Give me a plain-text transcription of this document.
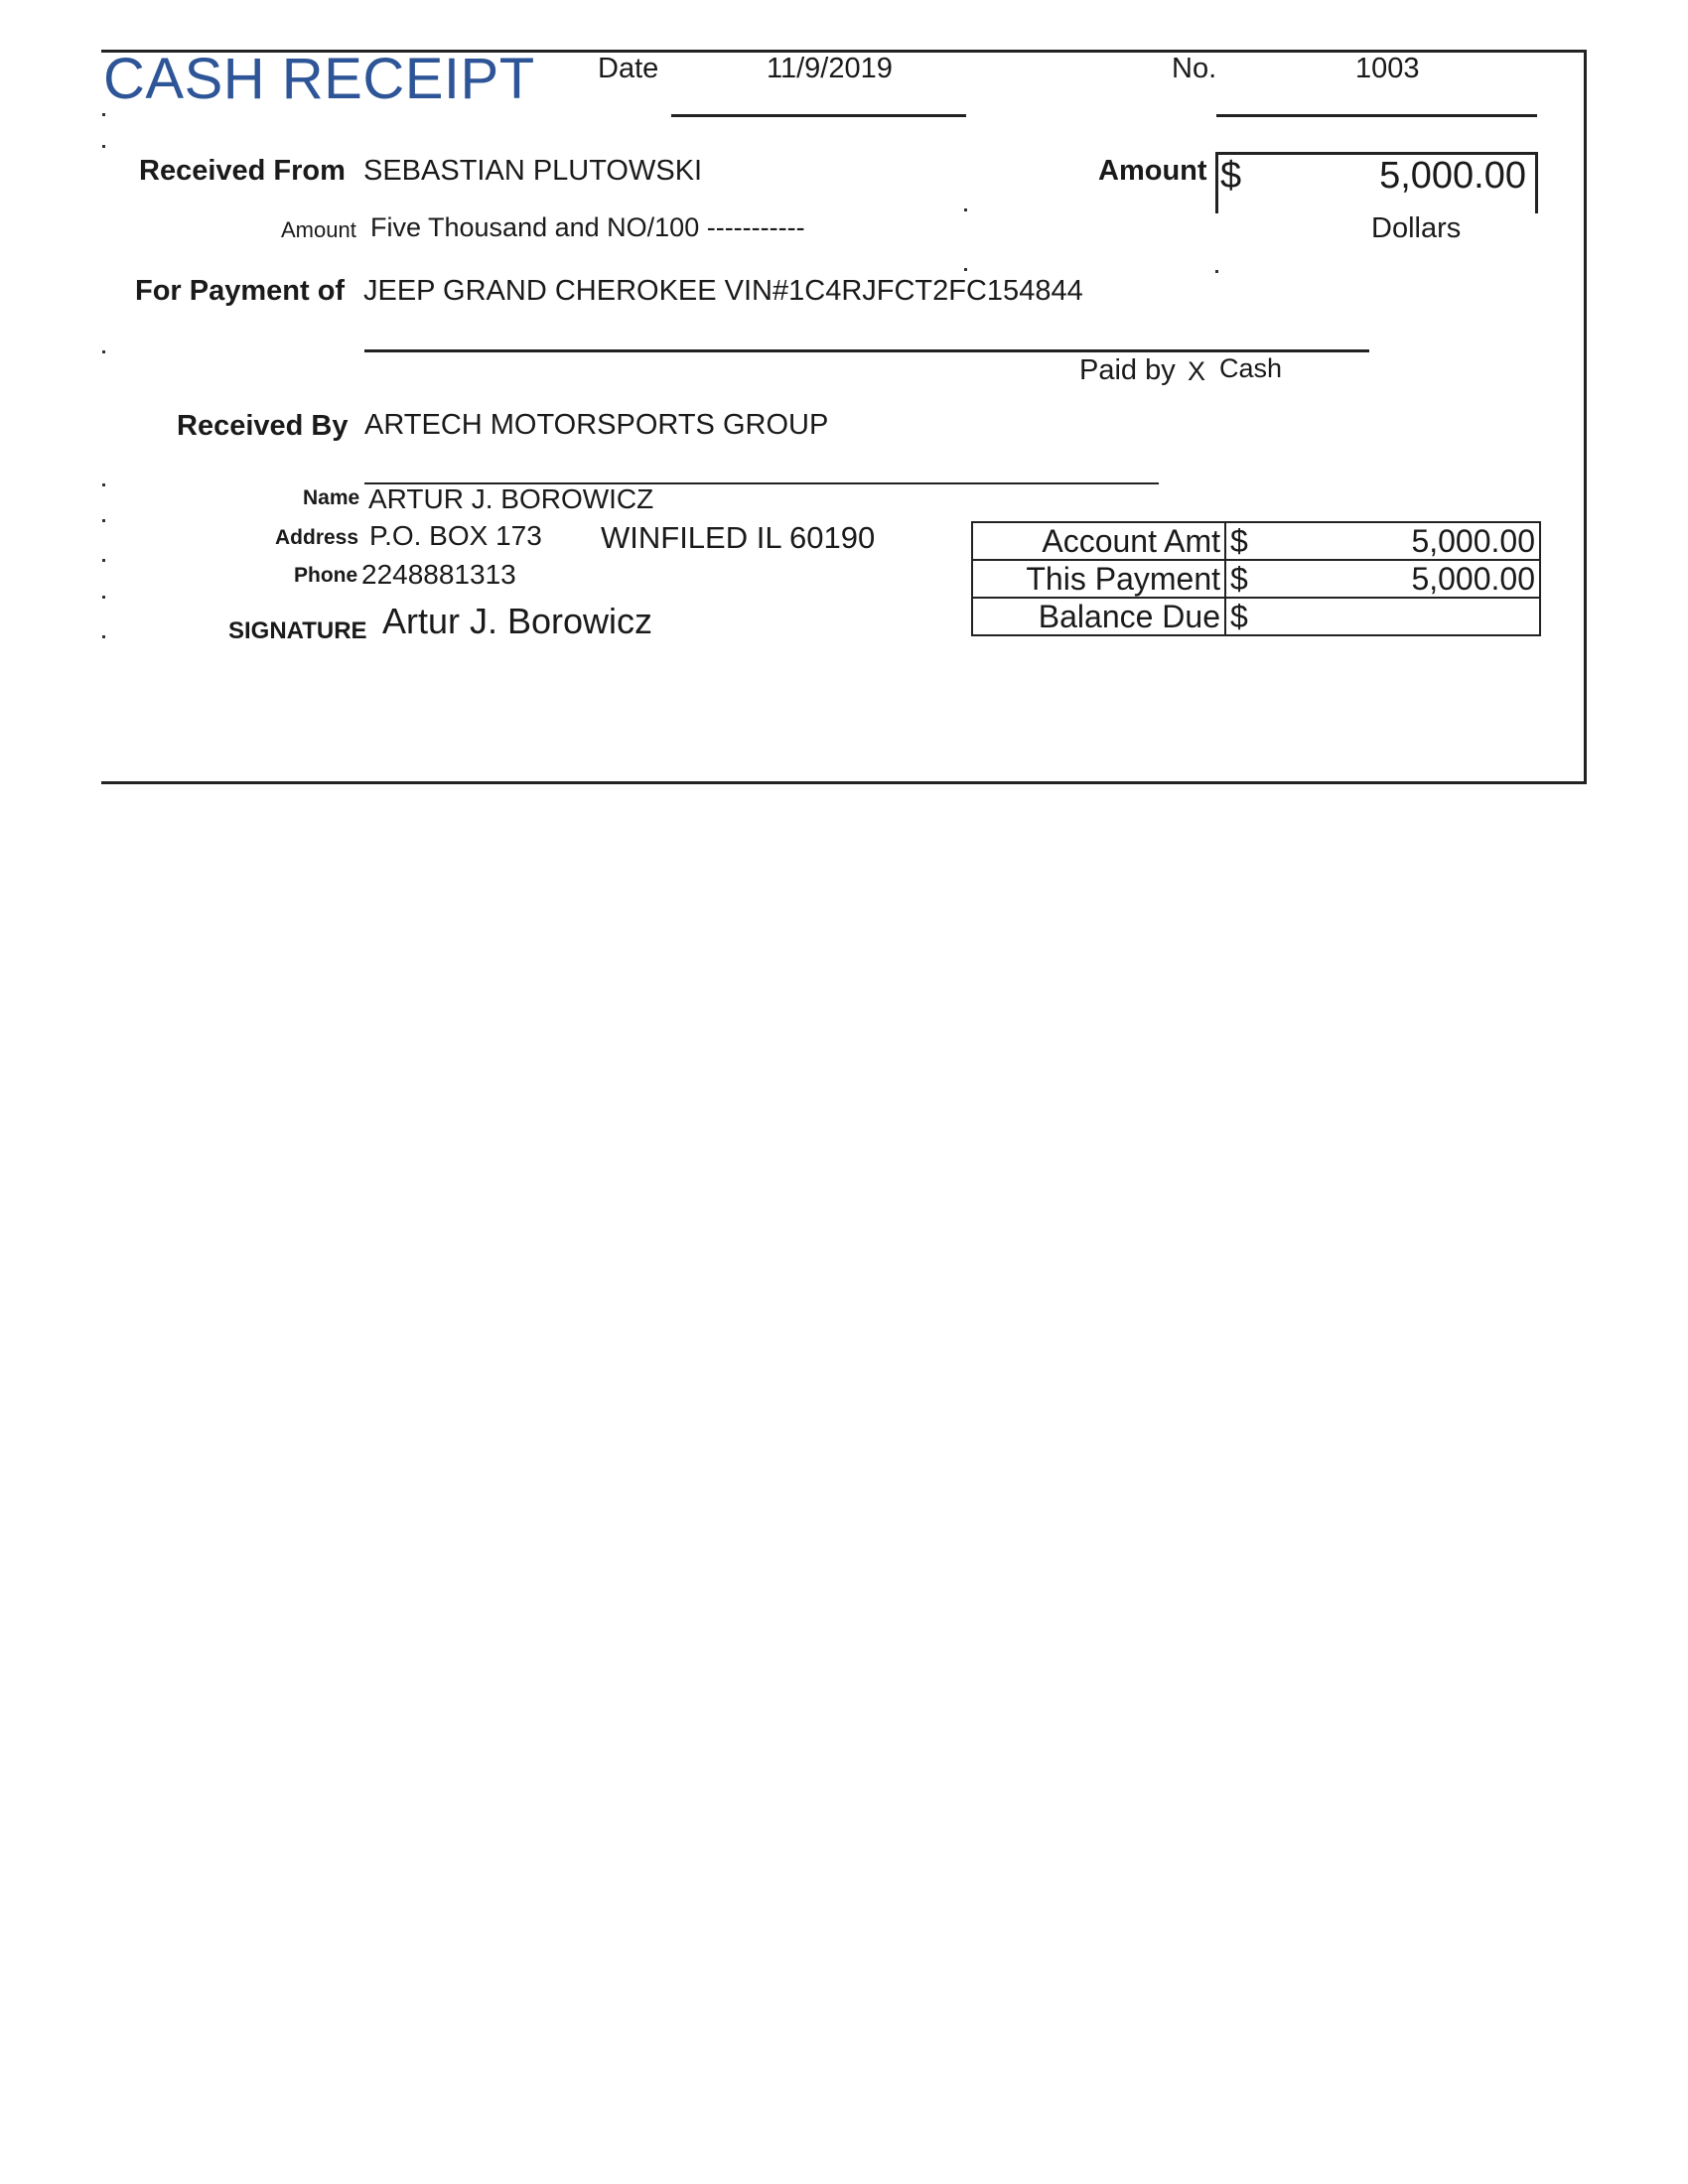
CASH RECEIPT Date	11/9/2019	No.	1003
Received From SEBASTIAN PLUTOWSKI	Amount $	5,000.00
Amount Five Thousand and NO/100 -----------	Dollars
For Payment of JEEP GRAND CHEROKEE VIN#1C4RJFCT2FC154844
Paid by X Cash
Received By ARTECH MOTORSPORTS GROUP
Name ARTUR J. BOROWICZ
Address P.O. BOX 173 WINFILED IL 60190
Phone 2248881313
SIGNATURE Artur J. Borowicz
Account Amt	$ 5,000.00
This Payment	$ 5,000.00
Balance Due	$
